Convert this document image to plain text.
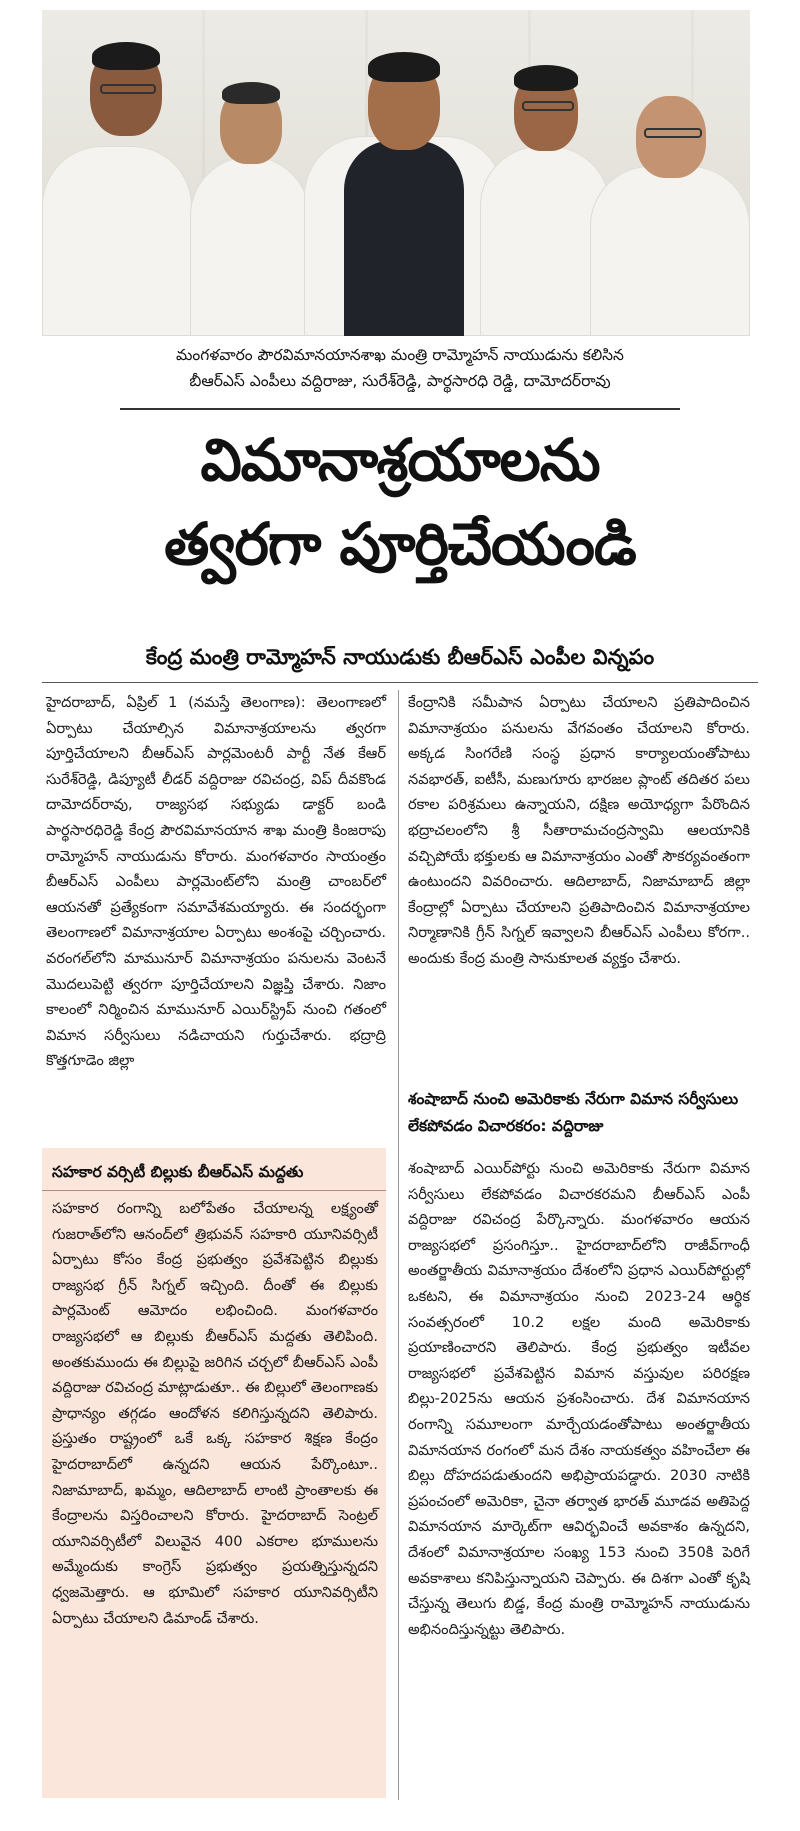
మంగళవారం పౌరవిమానయానశాఖ మంత్రి రామ్మోహన్ నాయుడును కలిసిన
బీఆర్ఎస్ ఎంపీలు వద్దిరాజు, సురేశ్‌రెడ్డి, పార్థసారధి రెడ్డి, దామోదర్‌రావు
విమానాశ్రయాలను
త్వరగా పూర్తిచేయండి
కేంద్ర మంత్రి రామ్మోహన్ నాయుడుకు బీఆర్ఎస్ ఎంపీల విన్నపం
హైదరాబాద్, ఏప్రిల్ 1 (నమస్తే తెలంగాణ): తెలంగాణలో ఏర్పాటు చేయాల్సిన విమానాశ్రయాలను త్వరగా పూర్తిచేయాలని బీఆర్ఎస్ పార్లమెంటరీ పార్టీ నేత కేఆర్ సురేశ్‌రెడ్డి, డిప్యూటీ లీడర్ వద్దిరాజు రవిచంద్ర, విప్ దీవకొండ దామోదర్‌రావు, రాజ్యసభ సభ్యుడు డాక్టర్ బండి పార్థసారధిరెడ్డి కేంద్ర పౌరవిమానయాన శాఖ మంత్రి కింజరాపు రామ్మోహన్ నాయుడును కోరారు. మంగళవారం సాయంత్రం బీఆర్ఎస్ ఎంపీలు పార్లమెంట్‌లోని మంత్రి చాంబర్‌లో ఆయనతో ప్రత్యేకంగా సమావేశమయ్యారు. ఈ సందర్భంగా తెలంగాణలో విమానాశ్రయాల ఏర్పాటు అంశంపై చర్చించారు. వరంగల్‌లోని మామునూర్ విమానాశ్రయం పనులను వెంటనే మొదలుపెట్టి త్వరగా పూర్తిచేయాలని విజ్ఞప్తి చేశారు. నిజాం కాలంలో నిర్మించిన మామునూర్ ఎయిర్‌స్ట్రిప్ నుంచి గతంలో విమాన సర్వీసులు నడిచాయని గుర్తుచేశారు. భద్రాద్రి కొత్తగూడెం జిల్లా
కేంద్రానికి సమీపాన ఏర్పాటు చేయాలని ప్రతిపాదించిన విమానాశ్రయం పనులను వేగవంతం చేయాలని కోరారు. అక్కడ సింగరేణి సంస్థ ప్రధాన కార్యాలయంతోపాటు నవభారత్, ఐటీసీ, మణుగూరు భారజల ప్లాంట్ తదితర పలు రకాల పరిశ్రమలు ఉన్నాయని, దక్షిణ అయోధ్యగా పేరొందిన భద్రాచలంలోని శ్రీ సీతారామచంద్రస్వామి ఆలయానికి వచ్చిపోయే భక్తులకు ఆ విమానాశ్రయం ఎంతో సౌకర్యవంతంగా ఉంటుందని వివరించారు. ఆదిలాబాద్, నిజామాబాద్ జిల్లా కేంద్రాల్లో ఏర్పాటు చేయాలని ప్రతిపాదించిన విమానాశ్రయాల నిర్మాణానికి గ్రీన్ సిగ్నల్ ఇవ్వాలని బీఆర్ఎస్ ఎంపీలు కోరగా.. అందుకు కేంద్ర మంత్రి సానుకూలత వ్యక్తం చేశారు.
శంషాబాద్ నుంచి అమెరికాకు నేరుగా విమాన సర్వీసులు లేకపోవడం విచారకరం: వద్దిరాజు
శంషాబాద్ ఎయిర్‌పోర్టు నుంచి అమెరికాకు నేరుగా విమాన సర్వీసులు లేకపోవడం విచారకరమని బీఆర్ఎస్ ఎంపీ వద్దిరాజు రవిచంద్ర పేర్కొన్నారు. మంగళవారం ఆయన రాజ్యసభలో ప్రసంగిస్తూ.. హైదరాబాద్‌లోని రాజీవ్‌గాంధీ అంతర్జాతీయ విమానాశ్రయం దేశంలోని ప్రధాన ఎయిర్‌పోర్టుల్లో ఒకటని, ఈ విమానాశ్రయం నుంచి 2023-24 ఆర్థిక సంవత్సరంలో 10.2 లక్షల మంది అమెరికాకు ప్రయాణించారని తెలిపారు. కేంద్ర ప్రభుత్వం ఇటీవల రాజ్యసభలో ప్రవేశపెట్టిన విమాన వస్తువుల పరిరక్షణ బిల్లు-2025ను ఆయన ప్రశంసించారు. దేశ విమానయాన రంగాన్ని సమూలంగా మార్చేయడంతోపాటు అంతర్జాతీయ విమానయాన రంగంలో మన దేశం నాయకత్వం వహించేలా ఈ బిల్లు దోహదపడుతుందని అభిప్రాయపడ్డారు. 2030 నాటికి ప్రపంచంలో అమెరికా, చైనా తర్వాత భారత్ మూడవ అతిపెద్ద విమానయాన మార్కెట్‌గా ఆవిర్భవించే అవకాశం ఉన్నదని, దేశంలో విమానాశ్రయాల సంఖ్య 153 నుంచి 350కి పెరిగే అవకాశాలు కనిపిస్తున్నాయని చెప్పారు. ఈ దిశగా ఎంతో కృషి చేస్తున్న తెలుగు బిడ్డ, కేంద్ర మంత్రి రామ్మోహన్ నాయుడును అభినందిస్తున్నట్టు తెలిపారు.
సహకార వర్సిటీ బిల్లుకు బీఆర్ఎస్ మద్దతు
సహకార రంగాన్ని బలోపేతం చేయాలన్న లక్ష్యంతో గుజరాత్‌లోని ఆనంద్‌లో త్రిభువన్ సహకారి యూనివర్సిటీ ఏర్పాటు కోసం కేంద్ర ప్రభుత్వం ప్రవేశపెట్టిన బిల్లుకు రాజ్యసభ గ్రీన్ సిగ్నల్ ఇచ్చింది. దీంతో ఈ బిల్లుకు పార్లమెంట్ ఆమోదం లభించింది. మంగళవారం రాజ్యసభలో ఆ బిల్లుకు బీఆర్ఎస్ మద్దతు తెలిపింది. అంతకుముందు ఈ బిల్లుపై జరిగిన చర్చలో బీఆర్ఎస్ ఎంపీ వద్దిరాజు రవిచంద్ర మాట్లాడుతూ.. ఈ బిల్లులో తెలంగాణకు ప్రాధాన్యం తగ్గడం ఆందోళన కలిగిస్తున్నదని తెలిపారు. ప్రస్తుతం రాష్ట్రంలో ఒకే ఒక్క సహకార శిక్షణ కేంద్రం హైదరాబాద్‌లో ఉన్నదని ఆయన పేర్కొంటూ.. నిజామాబాద్, ఖమ్మం, ఆదిలాబాద్ లాంటి ప్రాంతాలకు ఈ కేంద్రాలను విస్తరించాలని కోరారు. హైదరాబాద్ సెంట్రల్ యూనివర్సిటీలో విలువైన 400 ఎకరాల భూములను అమ్మేందుకు కాంగ్రెస్ ప్రభుత్వం ప్రయత్నిస్తున్నదని ధ్వజమెత్తారు. ఆ భూమిలో సహకార యూనివర్సిటీని ఏర్పాటు చేయాలని డిమాండ్ చేశారు.
